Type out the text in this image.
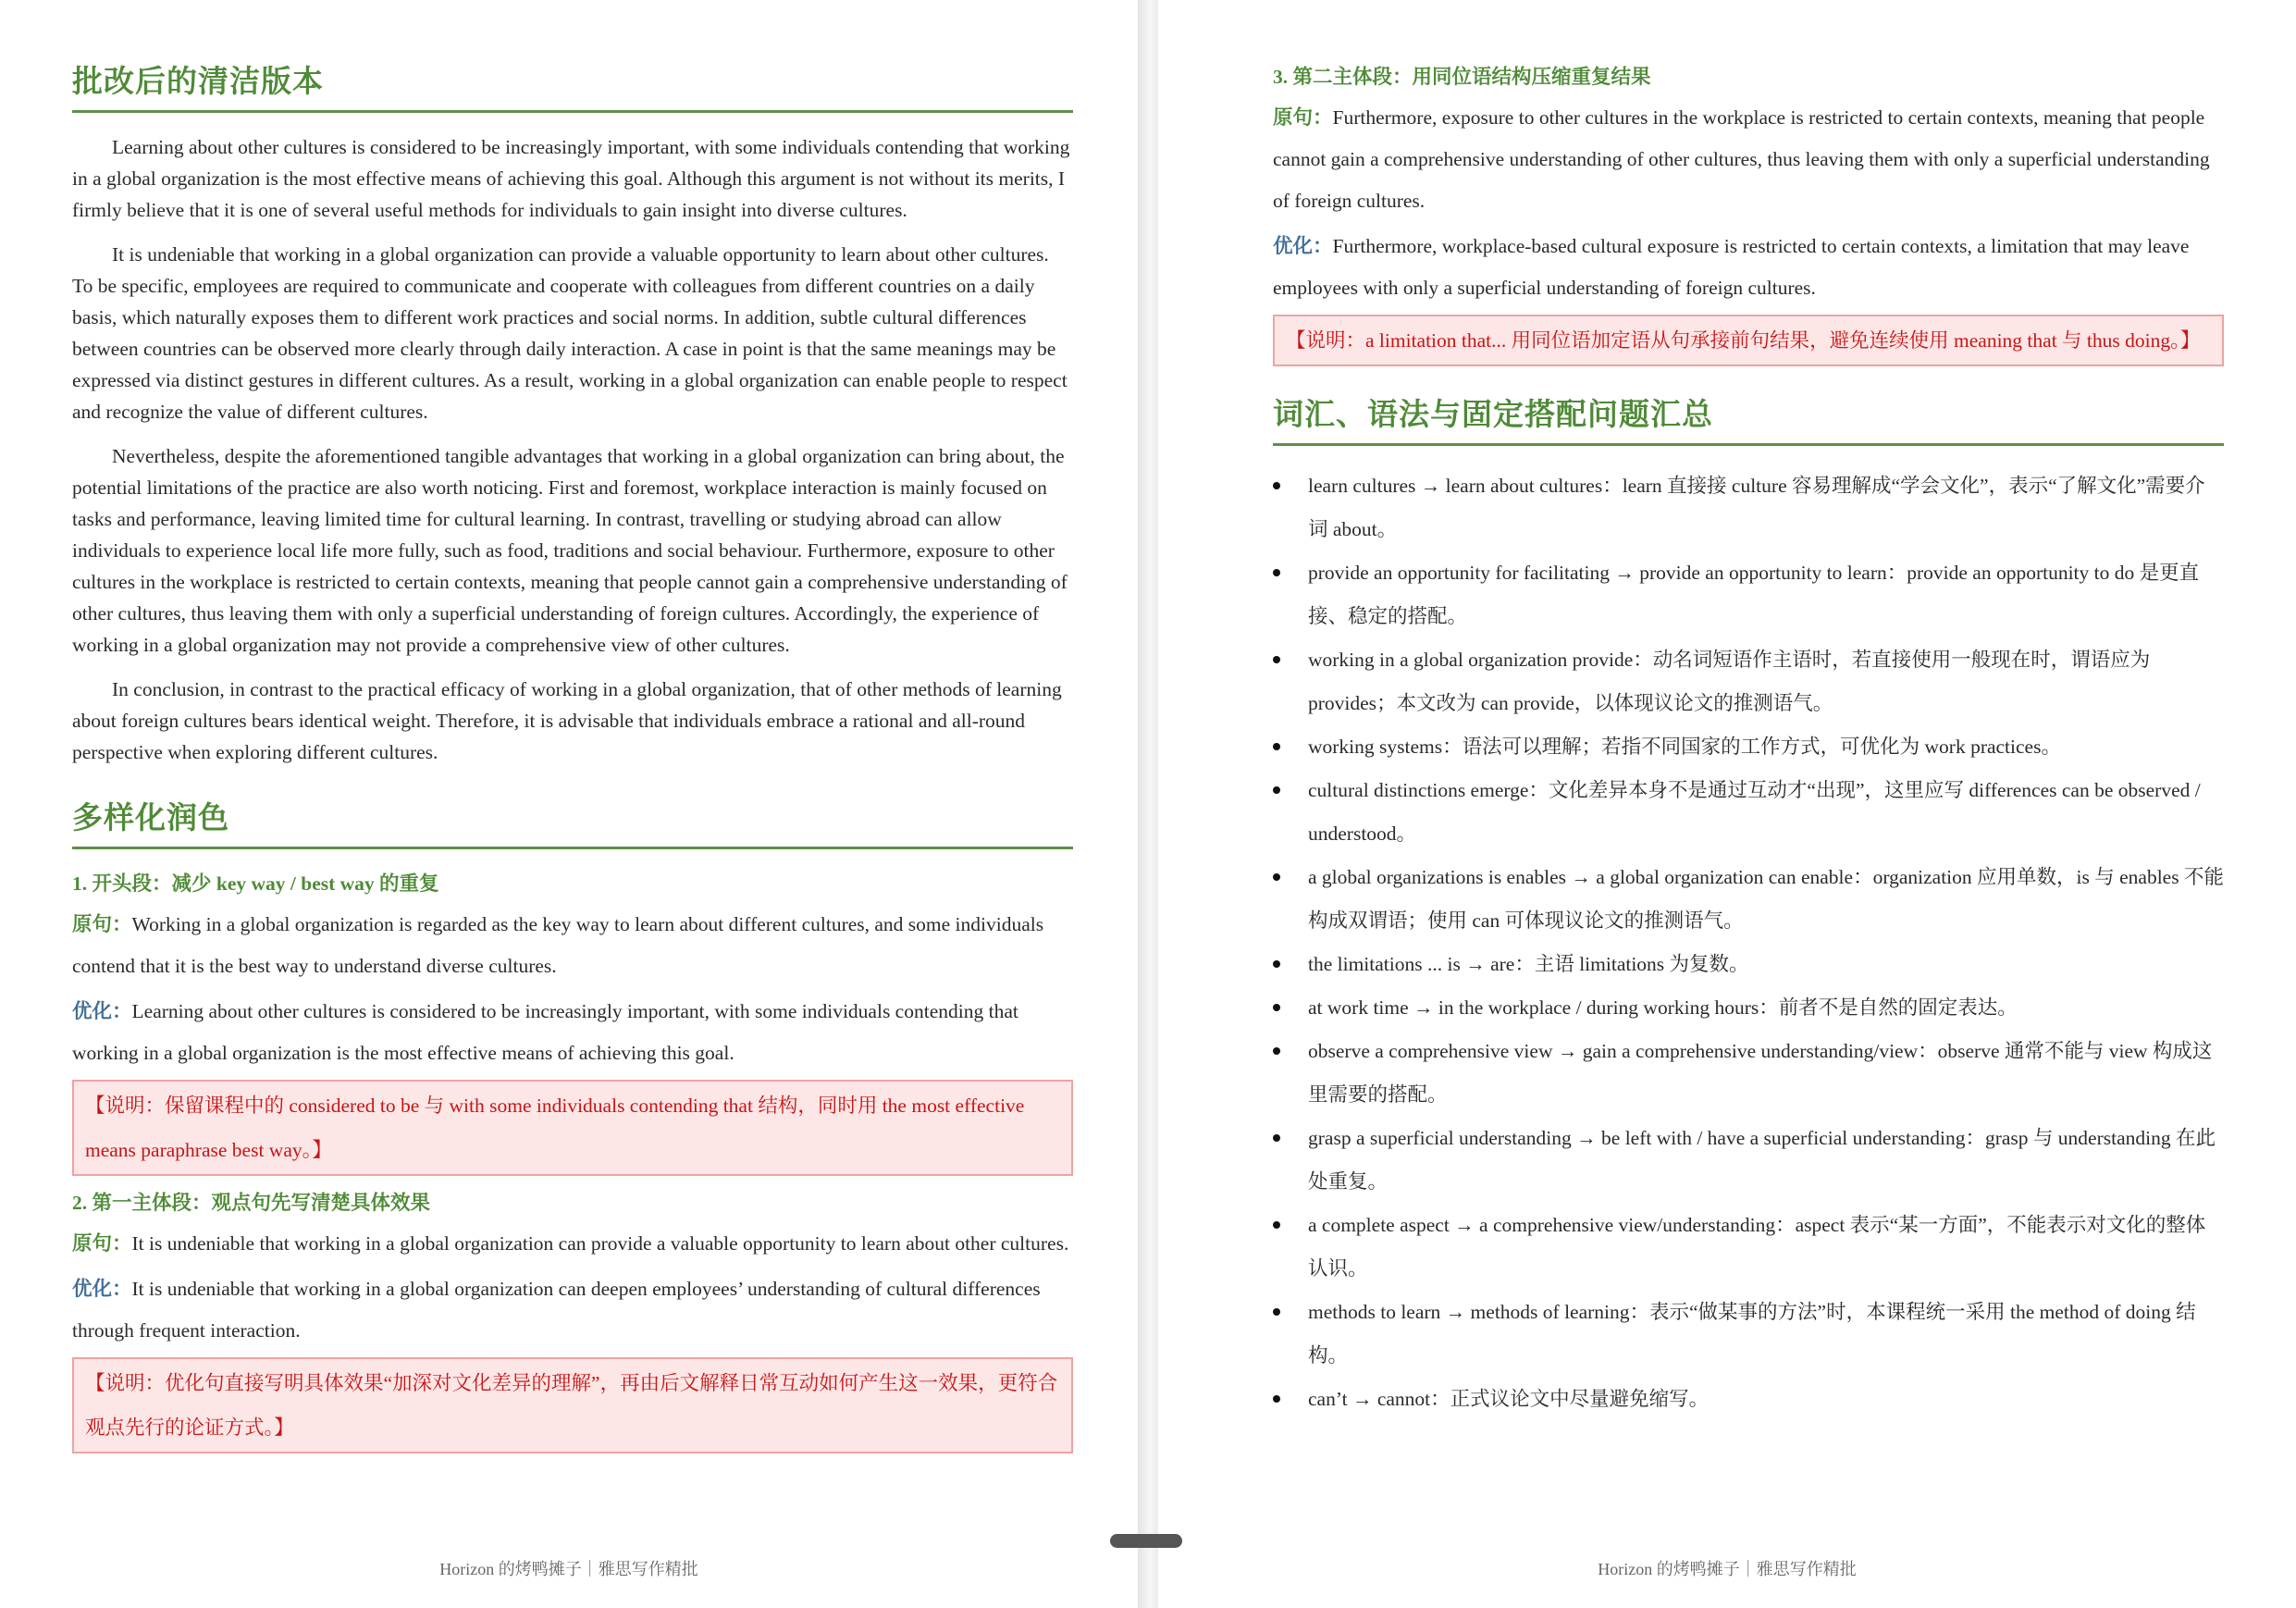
批改后的清洁版本

Learning about other cultures is considered to be increasingly important, with some individuals contending that working in a global organization is the most effective means of achieving this goal. Although this argument is not without its merits, I firmly believe that it is one of several useful methods for individuals to gain insight into diverse cultures.

It is undeniable that working in a global organization can provide a valuable opportunity to learn about other cultures. To be specific, employees are required to communicate and cooperate with colleagues from different countries on a daily basis, which naturally exposes them to different work practices and social norms. In addition, subtle cultural differences between countries can be observed more clearly through daily interaction. A case in point is that the same meanings may be expressed via distinct gestures in different cultures. As a result, working in a global organization can enable people to respect and recognize the value of different cultures.

Nevertheless, despite the aforementioned tangible advantages that working in a global organization can bring about, the potential limitations of the practice are also worth noticing. First and foremost, workplace interaction is mainly focused on tasks and performance, leaving limited time for cultural learning. In contrast, travelling or studying abroad can allow individuals to experience local life more fully, such as food, traditions and social behaviour. Furthermore, exposure to other cultures in the workplace is restricted to certain contexts, meaning that people cannot gain a comprehensive understanding of other cultures, thus leaving them with only a superficial understanding of foreign cultures. Accordingly, the experience of working in a global organization may not provide a comprehensive view of other cultures.

In conclusion, in contrast to the practical efficacy of working in a global organization, that of other methods of learning about foreign cultures bears identical weight. Therefore, it is advisable that individuals embrace a rational and all-round perspective when exploring different cultures.

多样化润色
1. 开头段：减少 key way / best way 的重复
原句：Working in a global organization is regarded as the key way to learn about different cultures, and some individuals contend that it is the best way to understand diverse cultures.
优化：Learning about other cultures is considered to be increasingly important, with some individuals contending that working in a global organization is the most effective means of achieving this goal.
【说明：保留课程中的 considered to be 与 with some individuals contending that 结构，同时用 the most effective means paraphrase best way。】
2. 第一主体段：观点句先写清楚具体效果
原句：It is undeniable that working in a global organization can provide a valuable opportunity to learn about other cultures.
优化：It is undeniable that working in a global organization can deepen employees’ understanding of cultural differences through frequent interaction.
【说明：优化句直接写明具体效果“加深对文化差异的理解”，再由后文解释日常互动如何产生这一效果，更符合观点先行的论证方式。】
Horizon 的烤鸭摊子｜雅思写作精批
3. 第二主体段：用同位语结构压缩重复结果
原句：Furthermore, exposure to other cultures in the workplace is restricted to certain contexts, meaning that people cannot gain a comprehensive understanding of other cultures, thus leaving them with only a superficial understanding of foreign cultures.
优化：Furthermore, workplace-based cultural exposure is restricted to certain contexts, a limitation that may leave employees with only a superficial understanding of foreign cultures.
【说明：a limitation that... 用同位语加定语从句承接前句结果，避免连续使用 meaning that 与 thus doing。】
词汇、语法与固定搭配问题汇总
learn cultures → learn about cultures：learn 直接接 culture 容易理解成“学会文化”，表示“了解文化”需要介词 about。
provide an opportunity for facilitating → provide an opportunity to learn：provide an opportunity to do 是更直接、稳定的搭配。
working in a global organization provide：动名词短语作主语时，若直接使用一般现在时，谓语应为 provides；本文改为 can provide，以体现议论文的推测语气。
working systems：语法可以理解；若指不同国家的工作方式，可优化为 work practices。
cultural distinctions emerge：文化差异本身不是通过互动才“出现”，这里应写 differences can be observed / understood。
a global organizations is enables → a global organization can enable：organization 应用单数，is 与 enables 不能构成双谓语；使用 can 可体现议论文的推测语气。
the limitations ... is → are：主语 limitations 为复数。
at work time → in the workplace / during working hours：前者不是自然的固定表达。
observe a comprehensive view → gain a comprehensive understanding/view：observe 通常不能与 view 构成这里需要的搭配。
grasp a superficial understanding → be left with / have a superficial understanding：grasp 与 understanding 在此处重复。
a complete aspect → a comprehensive view/understanding：aspect 表示“某一方面”，不能表示对文化的整体认识。
methods to learn → methods of learning：表示“做某事的方法”时，本课程统一采用 the method of doing 结构。
can’t → cannot：正式议论文中尽量避免缩写。
Horizon 的烤鸭摊子｜雅思写作精批
